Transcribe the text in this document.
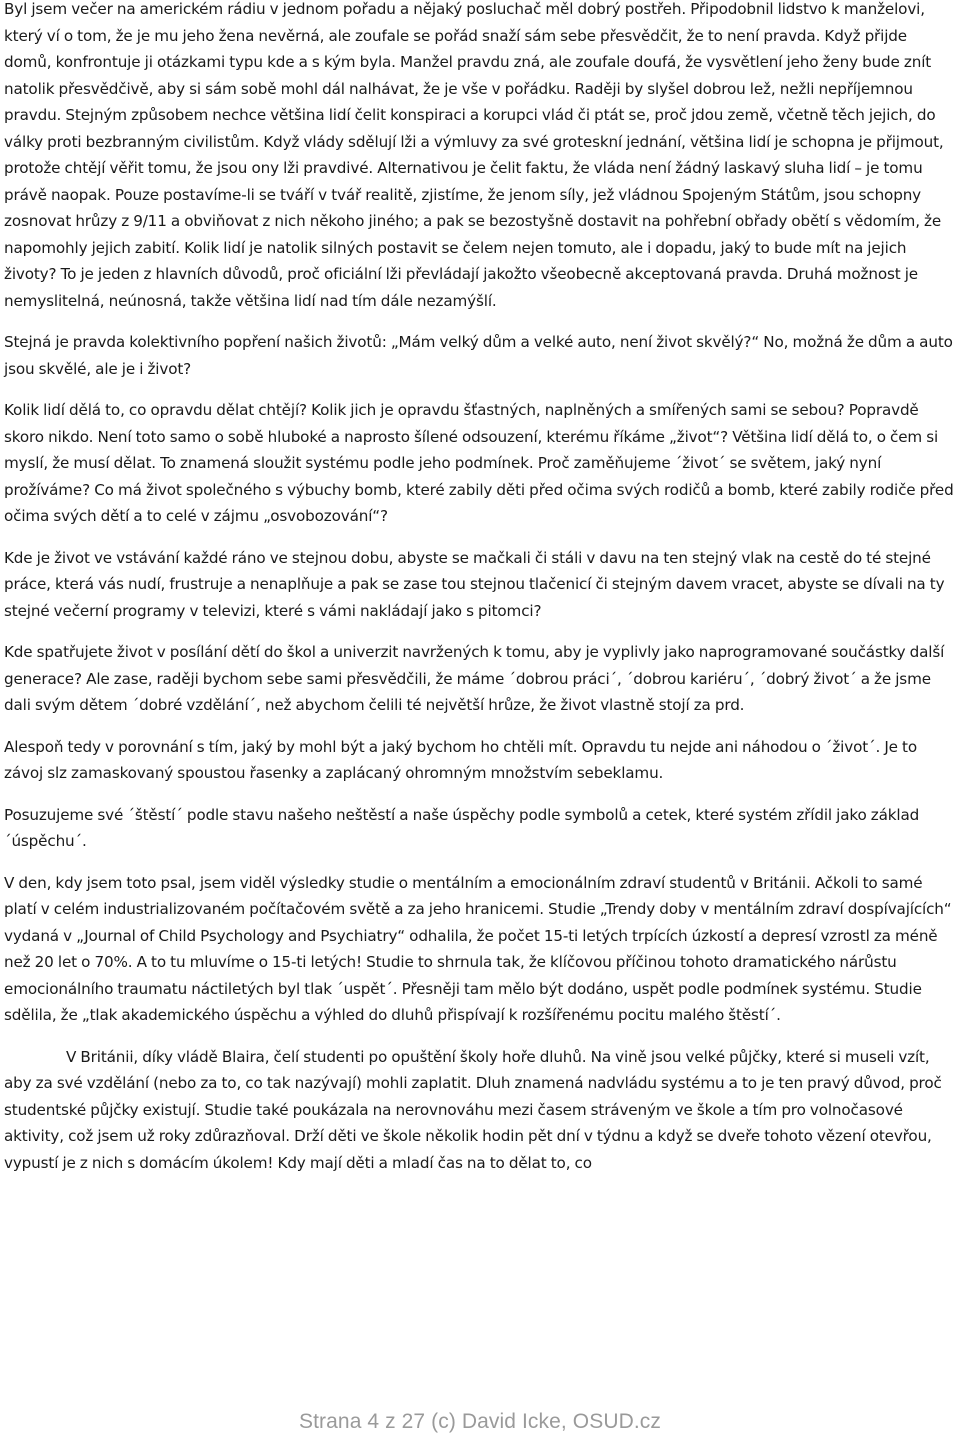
Byl jsem večer na americkém rádiu v jednom pořadu a nějaký posluchač měl dobrý postřeh. Připodobnil lidstvo k manželovi, který ví o tom, že je mu jeho žena nevěrná, ale zoufale se pořád snaží sám sebe přesvědčit, že to není pravda. Když přijde domů, konfrontuje ji otázkami typu kde a s kým byla. Manžel pravdu zná, ale zoufale doufá, že vysvětlení jeho ženy bude znít natolik přesvědčivě, aby si sám sobě mohl dál nalhávat, že je vše v pořádku. Raději by slyšel dobrou lež, nežli nepříjemnou pravdu. Stejným způsobem nechce většina lidí čelit konspiraci a korupci vlád či ptát se, proč jdou země, včetně těch jejich, do války proti bezbranným civilistům. Když vlády sdělují lži a výmluvy za své groteskní jednání, většina lidí je schopna je přijmout, protože chtějí věřit tomu, že jsou ony lži pravdivé. Alternativou je čelit faktu, že vláda není žádný laskavý sluha lidí – je tomu právě naopak. Pouze postavíme-li se tváří v tvář realitě, zjistíme, že jenom síly, jež vládnou Spojeným Státům, jsou schopny zosnovat hrůzy z 9/11 a obviňovat z nich někoho jiného; a pak se bezostyšně dostavit na pohřební obřady obětí s vědomím, že napomohly jejich zabití. Kolik lidí je natolik silných postavit se čelem nejen tomuto, ale i dopadu, jaký to bude mít na jejich životy? To je jeden z hlavních důvodů, proč oficiální lži převládají jakožto všeobecně akceptovaná pravda. Druhá možnost je nemyslitelná, neúnosná, takže většina lidí nad tím dále nezamýšlí.

Stejná je pravda kolektivního popření našich životů: „Mám velký dům a velké auto, není život skvělý?“ No, možná že dům a auto jsou skvělé, ale je i život?

Kolik lidí dělá to, co opravdu dělat chtějí? Kolik jich je opravdu šťastných, naplněných a smířených sami se sebou? Popravdě skoro nikdo. Není toto samo o sobě hluboké a naprosto šílené odsouzení, kterému říkáme „život“? Většina lidí dělá to, o čem si myslí, že musí dělat. To znamená sloužit systému podle jeho podmínek. Proč zaměňujeme ´život´ se světem, jaký nyní prožíváme? Co má život společného s výbuchy bomb, které zabily děti před očima svých rodičů a bomb, které zabily rodiče před očima svých dětí a to celé v zájmu „osvobozování“?

Kde je život ve vstávání každé ráno ve stejnou dobu, abyste se mačkali či stáli v davu na ten stejný vlak na cestě do té stejné práce, která vás nudí, frustruje a nenaplňuje a pak se zase tou stejnou tlačenicí či stejným davem vracet, abyste se dívali na ty stejné večerní programy v televizi, které s vámi nakládají jako s pitomci?

Kde spatřujete život v posílání dětí do škol a univerzit navržených k tomu, aby je vyplivly jako naprogramované součástky další generace? Ale zase, raději bychom sebe sami přesvědčili, že máme ´dobrou práci´, ´dobrou kariéru´, ´dobrý život´ a že jsme dali svým dětem ´dobré vzdělání´, než abychom čelili té největší hrůze, že život vlastně stojí za prd.

Alespoň tedy v porovnání s tím, jaký by mohl být a jaký bychom ho chtěli mít. Opravdu tu nejde ani náhodou o ´život´. Je to závoj slz zamaskovaný spoustou řasenky a zaplácaný ohromným množstvím sebeklamu.

Posuzujeme své ´štěstí´ podle stavu našeho neštěstí a naše úspěchy podle symbolů a cetek, které systém zřídil jako základ ´úspěchu´.

V den, kdy jsem toto psal, jsem viděl výsledky studie o mentálním a emocionálním zdraví studentů v Británii. Ačkoli to samé platí v celém industrializovaném počítačovém světě a za jeho hranicemi. Studie „Trendy doby v mentálním zdraví dospívajících“ vydaná v „Journal of Child Psychology and Psychiatry“ odhalila, že počet 15-ti letých trpících úzkostí a depresí vzrostl za méně než 20 let o 70%. A to tu mluvíme o 15-ti letých! Studie to shrnula tak, že klíčovou příčinou tohoto dramatického nárůstu emocionálního traumatu náctiletých byl tlak ´uspět´. Přesněji tam mělo být dodáno, uspět podle podmínek systému. Studie sdělila, že „tlak akademického úspěchu a výhled do dluhů přispívají k rozšířenému pocitu malého štěstí´.

V Británii, díky vládě Blaira, čelí studenti po opuštění školy hoře dluhů. Na vině jsou velké půjčky, které si museli vzít, aby za své vzdělání (nebo za to, co tak nazývají) mohli zaplatit. Dluh znamená nadvládu systému a to je ten pravý důvod, proč studentské půjčky existují. Studie také poukázala na nerovnováhu mezi časem stráveným ve škole a tím pro volnočasové aktivity, což jsem už roky zdůrazňoval. Drží děti ve škole několik hodin pět dní v týdnu a když se dveře tohoto vězení otevřou, vypustí je z nich s domácím úkolem! Kdy mají děti a mladí čas na to dělat to, co

Strana 4 z 27 (c) David Icke, OSUD.cz
